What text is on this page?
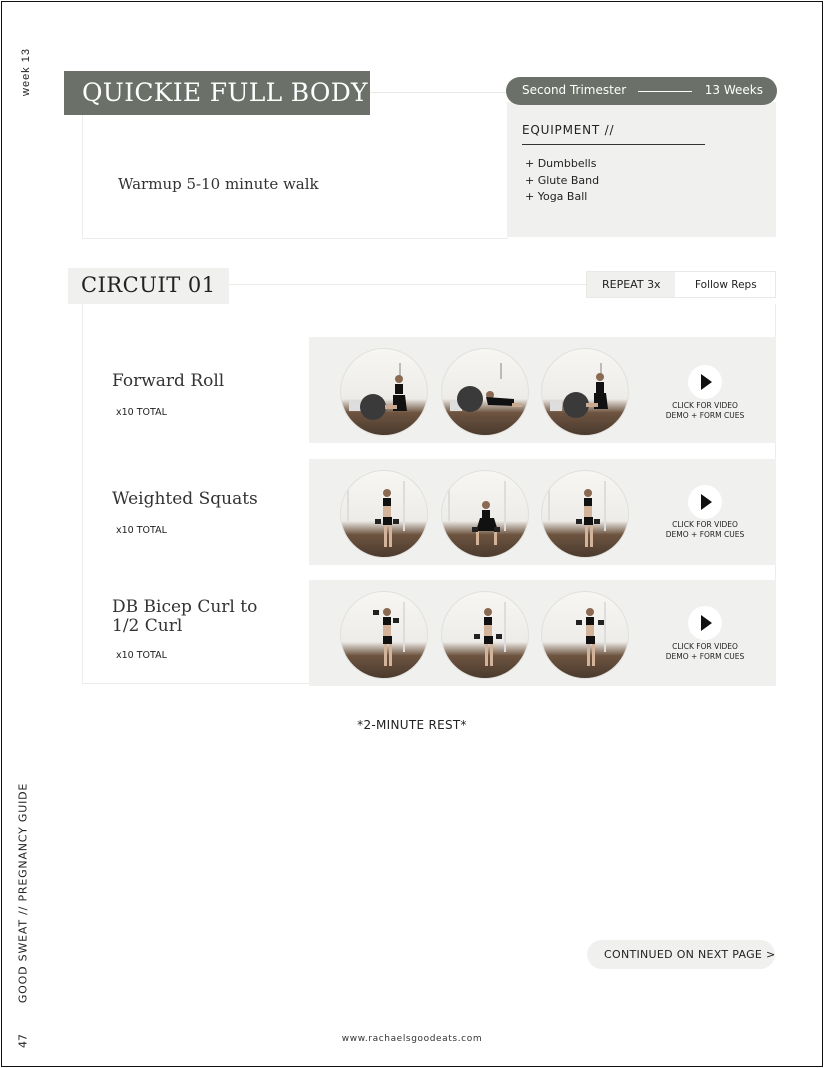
week 13
GOOD SWEAT // PREGNANCY GUIDE
47
QUICKIE FULL BODY
Warmup 5-10 minute walk
EQUIPMENT //
+ Dumbbells
+ Glute Band
+ Yoga Ball
Second Trimester	13 Weeks
CIRCUIT 01	REPEAT 3x	Follow Reps
Forward Roll
x10 TOTAL
CLICK FOR VIDEO
DEMO + FORM CUES
Weighted Squats
x10 TOTAL
CLICK FOR VIDEO
DEMO + FORM CUES
DB Bicep Curl to 1/2 Curl
x10 TOTAL
CLICK FOR VIDEO
DEMO + FORM CUES
*2-MINUTE REST*
CONTINUED ON NEXT PAGE >
www.rachaelsgoodeats.com
